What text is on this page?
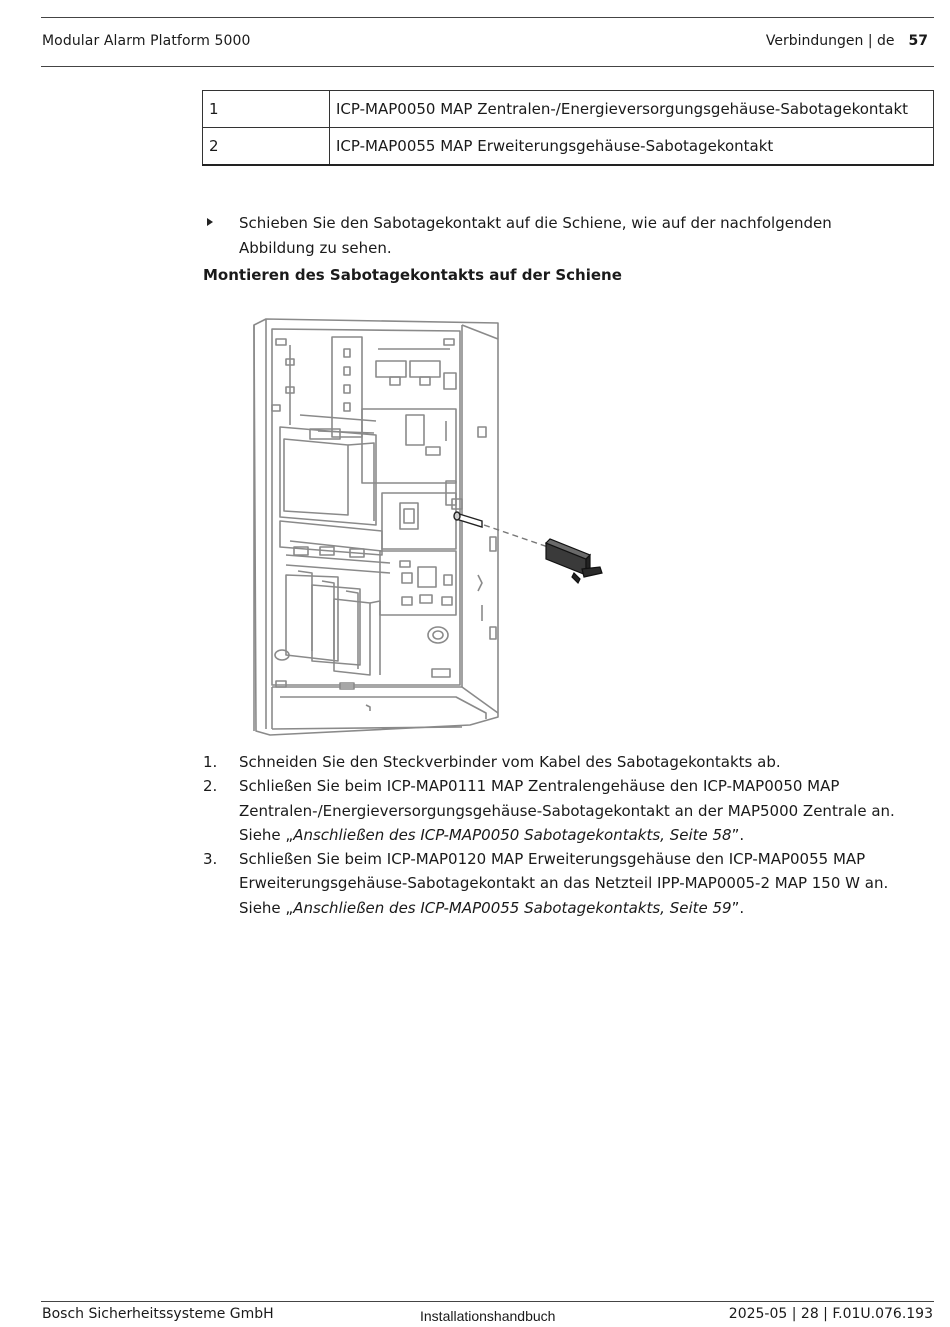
Modular Alarm Platform 5000	Verbindungen | de 57
1	ICP-MAP0050 MAP Zentralen-/Energieversorgungsgehäuse-Sabotagekontakt
2	ICP-MAP0055 MAP Erweiterungsgehäuse-Sabotagekontakt
Schieben Sie den Sabotagekontakt auf die Schiene, wie auf der nachfolgenden Abbildung zu sehen.
Montieren des Sabotagekontakts auf der Schiene
1. Schneiden Sie den Steckverbinder vom Kabel des Sabotagekontakts ab.
2. Schließen Sie beim ICP-MAP0111 MAP Zentralengehäuse den ICP-MAP0050 MAP Zentralen-/Energieversorgungsgehäuse-Sabotagekontakt an der MAP5000 Zentrale an. Siehe „Anschließen des ICP-MAP0050 Sabotagekontakts, Seite 58”.
3. Schließen Sie beim ICP-MAP0120 MAP Erweiterungsgehäuse den ICP-MAP0055 MAP Erweiterungsgehäuse-Sabotagekontakt an das Netzteil IPP-MAP0005-2 MAP 150 W an. Siehe „Anschließen des ICP-MAP0055 Sabotagekontakts, Seite 59”.
Bosch Sicherheitssysteme GmbH	Installationshandbuch	2025-05 | 28 | F.01U.076.193
